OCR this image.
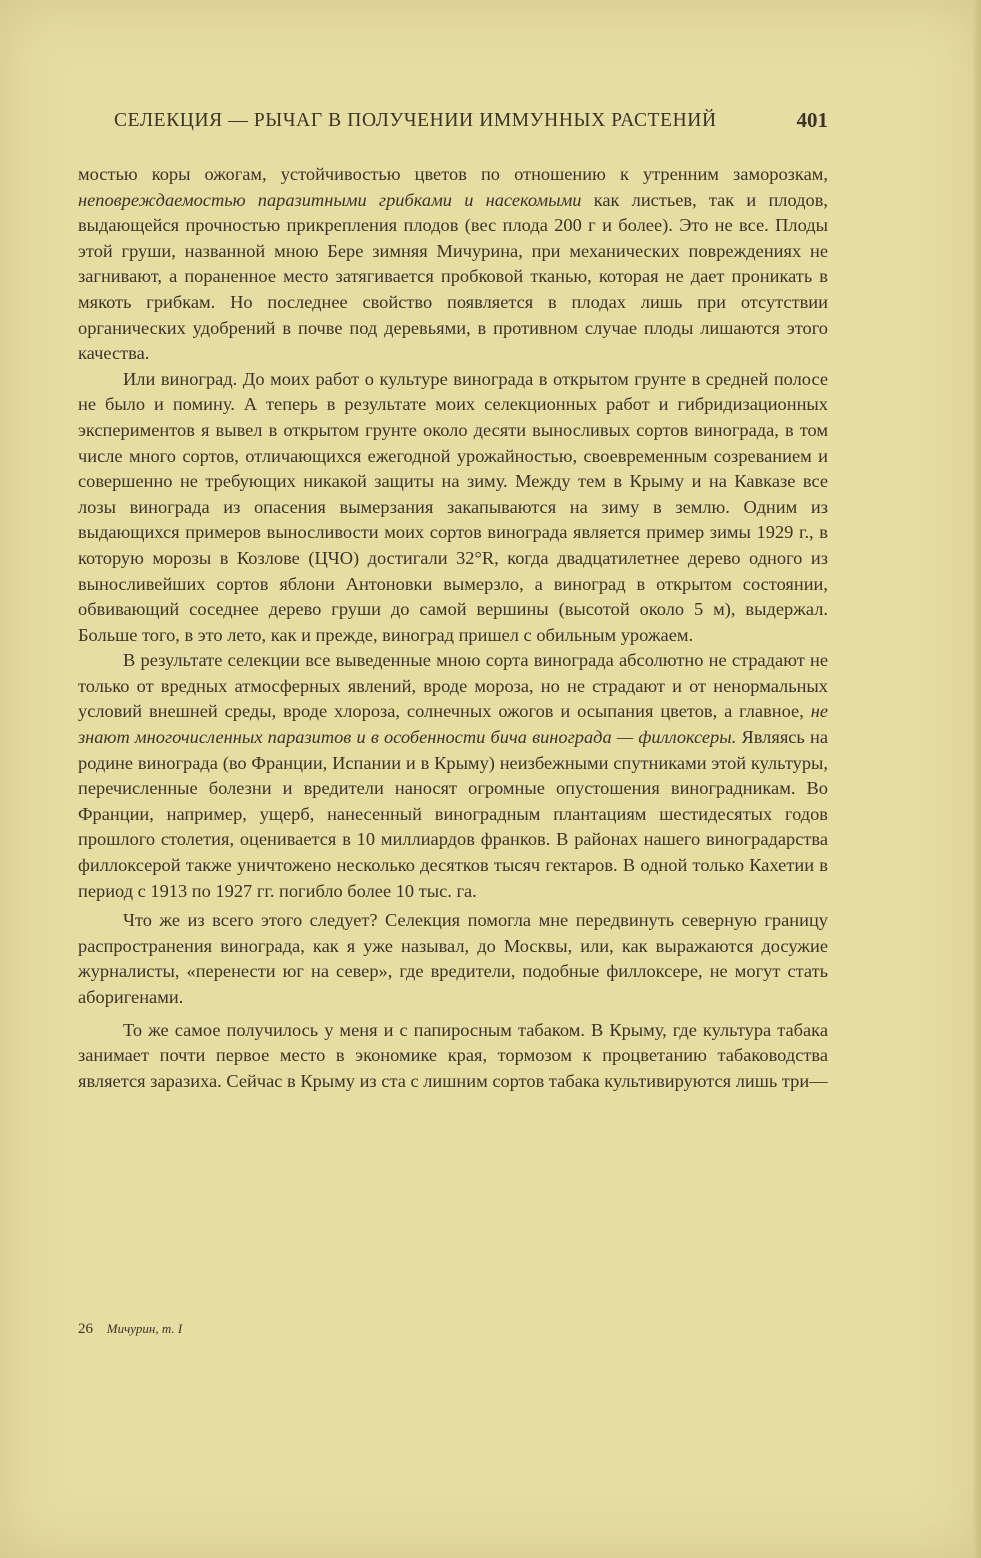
СЕЛЕКЦИЯ — РЫЧАГ В ПОЛУЧЕНИИ ИММУННЫХ РАСТЕНИЙ	401

мостью коры ожогам, устойчивостью цветов по отношению к утренним заморозкам, неповреждаемостью паразитными грибками и насекомыми как листьев, так и плодов, выдающейся прочностью прикрепления плодов (вес плода 200 г и более). Это не все. Плоды этой груши, названной мною Бере зимняя Мичурина, при механических повреждениях не загнивают, а пораненное место затягивается пробковой тканью, которая не дает проникать в мякоть грибкам. Но последнее свойство появляется в плодах лишь при отсутствии органических удобрений в почве под деревьями, в противном случае плоды лишаются этого качества.

Или виноград. До моих работ о культуре винограда в открытом грунте в средней полосе не было и помину. А теперь в результате моих селекционных работ и гибридизационных экспериментов я вывел в открытом грунте около десяти выносливых сортов винограда, в том числе много сортов, отличающихся ежегодной урожайностью, своевременным созреванием и совершенно не требующих никакой защиты на зиму. Между тем в Крыму и на Кавказе все лозы винограда из опасения вымерзания закапываются на зиму в землю. Одним из выдающихся примеров выносливости моих сортов винограда является пример зимы 1929 г., в которую морозы в Козлове (ЦЧО) достигали 32°R, когда двадцатилетнее дерево одного из выносливейших сортов яблони Антоновки вымерзло, а виноград в открытом состоянии, обвивающий соседнее дерево груши до самой вершины (высотой около 5 м), выдержал. Больше того, в это лето, как и прежде, виноград пришел с обильным урожаем.

В результате селекции все выведенные мною сорта винограда абсолютно не страдают не только от вредных атмосферных явлений, вроде мороза, но не страдают и от ненормальных условий внешней среды, вроде хлороза, солнечных ожогов и осыпания цветов, а главное, не знают многочисленных паразитов и в особенности бича винограда — филлоксеры. Являясь на родине винограда (во Франции, Испании и в Крыму) неизбежными спутниками этой культуры, перечисленные болезни и вредители наносят огромные опустошения виноградникам. Во Франции, например, ущерб, нанесенный виноградным плантациям шестидесятых годов прошлого столетия, оценивается в 10 миллиардов франков. В районах нашего виноградарства филлоксерой также уничтожено несколько десятков тысяч гектаров. В одной только Кахетии в период с 1913 по 1927 гг. погибло более 10 тыс. га.

Что же из всего этого следует? Селекция помогла мне передвинуть северную границу распространения винограда, как я уже называл, до Москвы, или, как выражаются досужие журналисты, «перенести юг на север», где вредители, подобные филлоксере, не могут стать аборигенами.

То же самое получилось у меня и с папиросным табаком. В Крыму, где культура табака занимает почти первое место в экономике края, тормозом к процветанию табаководства является заразиха. Сейчас в Крыму из ста с лишним сортов табака культивируются лишь три—

26 Мичурин, т. I
